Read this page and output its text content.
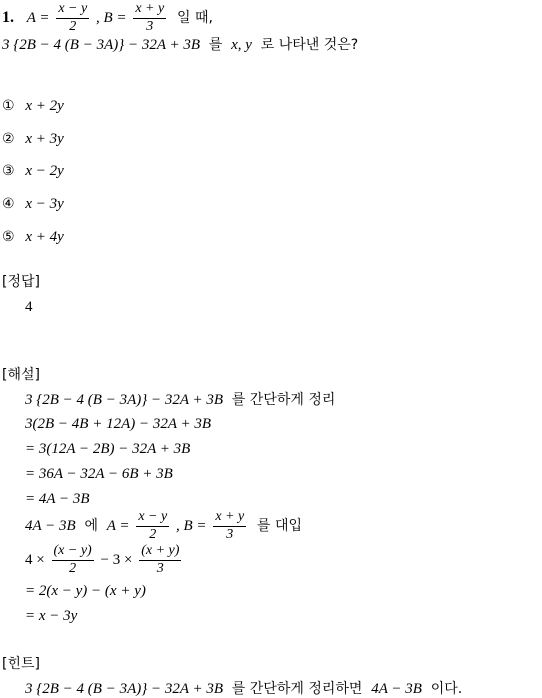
1. $A = \frac{x - y}{2}$ , $B = \frac{x + y}{3}$ 일 때,
3 {2B − 4 (B − 3A)} − 32A + 3B 를 x, y 로 나타낸 것은?
① x + 2y
② x + 3y
③ x − 2y
④ x − 3y
⑤ x + 4y
[정답]
4
[해설]
3 {2B − 4 (B − 3A)} − 32A + 3B 를 간단하게 정리
3(2B − 4B + 12A) − 32A + 3B
= 3(12A − 2B) − 32A + 3B
= 36A − 32A − 6B + 3B
= 4A − 3B
4A − 3B 에 $A = \frac{x - y}{2}$ , $B = \frac{x + y}{3}$ 를 대입
$4 \times \frac{(x - y)}{2} - 3 \times \frac{(x + y)}{3}$
= 2(x − y) − (x + y)
= x − 3y
[힌트]
3 {2B − 4 (B − 3A)} − 32A + 3B 를 간단하게 정리하면 4A − 3B 이다.
